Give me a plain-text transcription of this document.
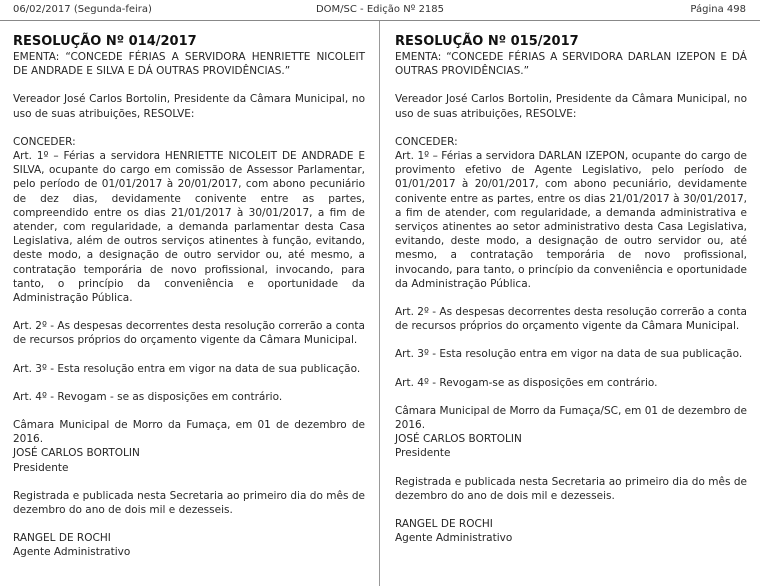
DOM/SC - Edição Nº 2185
06/02/2017 (Segunda-feira)	Página 498

RESOLUÇÃO Nº 014/2017

EMENTA: “CONCEDE FÉRIAS A SERVIDORA HENRIETTE NICOLEIT DE ANDRADE E SILVA E DÁ OUTRAS PROVIDÊNCIAS.”

Vereador José Carlos Bortolin, Presidente da Câmara Municipal, no uso de suas atribuições, RESOLVE:

CONCEDER:

Art. 1º – Férias a servidora HENRIETTE NICOLEIT DE ANDRADE E SILVA, ocupante do cargo em comissão de Assessor Parlamentar, pelo período de 01/01/2017 à 20/01/2017, com abono pecuniário de dez dias, devidamente conivente entre as partes, compreendido entre os dias 21/01/2017 à 30/01/2017, a fim de atender, com regularidade, a demanda parlamentar desta Casa Legislativa, além de outros serviços atinentes à função, evitando, deste modo, a designação de outro servidor ou, até mesmo, a contratação temporária de novo profissional, invocando, para tanto, o princípio da conveniência e oportunidade da Administração Pública.

Art. 2º - As despesas decorrentes desta resolução correrão a conta de recursos próprios do orçamento vigente da Câmara Municipal.

Art. 3º - Esta resolução entra em vigor na data de sua publicação.

Art. 4º - Revogam - se as disposições em contrário.

Câmara Municipal de Morro da Fumaça, em 01 de dezembro de 2016.

JOSÉ CARLOS BORTOLIN

Presidente

Registrada e publicada nesta Secretaria ao primeiro dia do mês de dezembro do ano de dois mil e dezesseis.

RANGEL DE ROCHI

Agente Administrativo

RESOLUÇÃO Nº 015/2017

EMENTA: “CONCEDE FÉRIAS A SERVIDORA DARLAN IZEPON E DÁ OUTRAS PROVIDÊNCIAS.”

Vereador José Carlos Bortolin, Presidente da Câmara Municipal, no uso de suas atribuições, RESOLVE:

CONCEDER:

Art. 1º – Férias a servidora DARLAN IZEPON, ocupante do cargo de provimento efetivo de Agente Legislativo, pelo período de 01/01/2017 à 20/01/2017, com abono pecuniário, devidamente conivente entre as partes, entre os dias 21/01/2017 à 30/01/2017, a fim de atender, com regularidade, a demanda administrativa e serviços atinentes ao setor administrativo desta Casa Legislativa, evitando, deste modo, a designação de outro servidor ou, até mesmo, a contratação temporária de novo profissional, invocando, para tanto, o princípio da conveniência e oportunidade da Administração Pública.

Art. 2º - As despesas decorrentes desta resolução correrão a conta de recursos próprios do orçamento vigente da Câmara Municipal.

Art. 3º - Esta resolução entra em vigor na data de sua publicação.

Art. 4º - Revogam-se as disposições em contrário.

Câmara Municipal de Morro da Fumaça/SC, em 01 de dezembro de 2016.

JOSÉ CARLOS BORTOLIN

Presidente

Registrada e publicada nesta Secretaria ao primeiro dia do mês de dezembro do ano de dois mil e dezesseis.

RANGEL DE ROCHI

Agente Administrativo
